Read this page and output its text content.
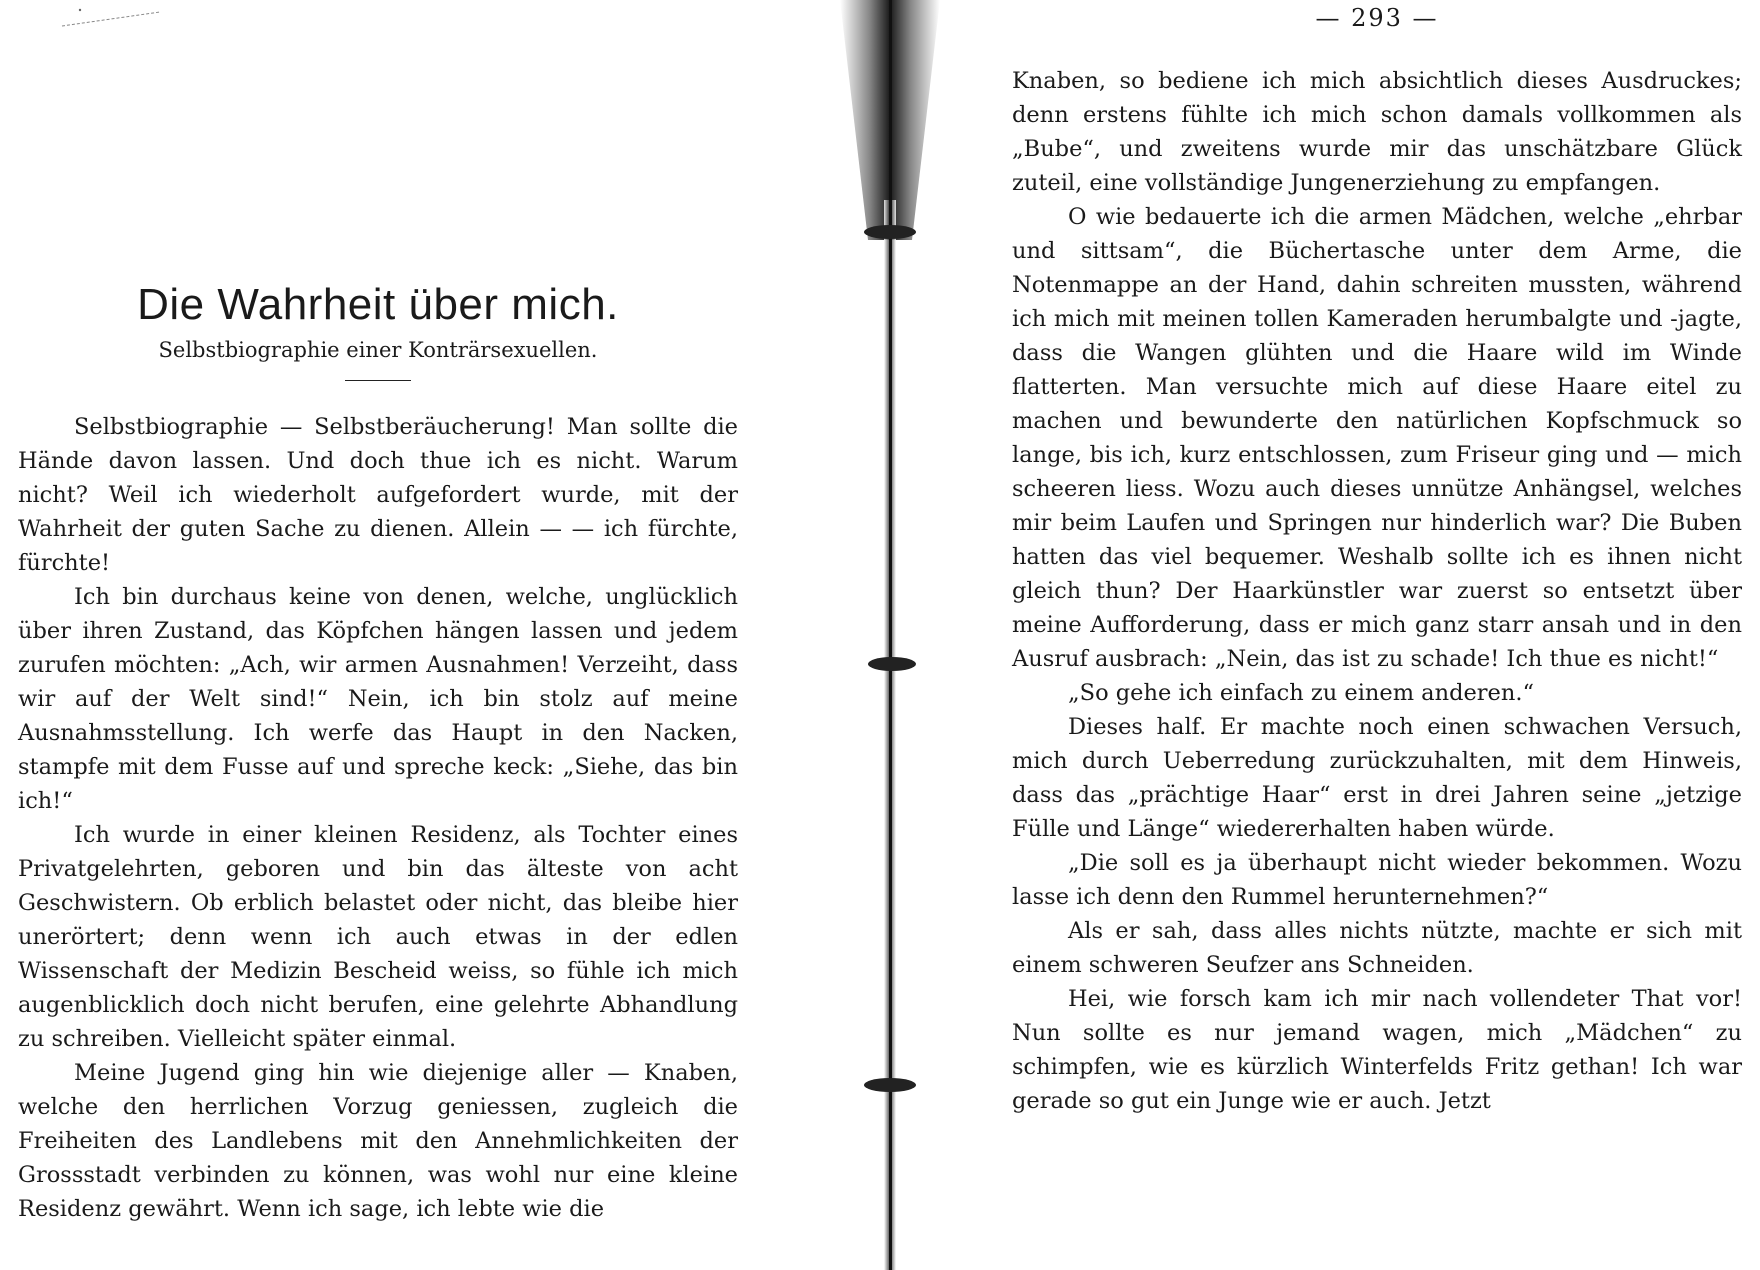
Die Wahrheit über mich.
Selbstbiographie einer Konträrsexuellen.

Selbstbiographie — Selbstberäucherung! Man sollte die Hände davon lassen. Und doch thue ich es nicht. Warum nicht? Weil ich wiederholt aufgefordert wurde, mit der Wahrheit der guten Sache zu dienen. Allein — — ich fürchte, fürchte!

Ich bin durchaus keine von denen, welche, unglücklich über ihren Zustand, das Köpfchen hängen lassen und jedem zurufen möchten: „Ach, wir armen Ausnahmen! Verzeiht, dass wir auf der Welt sind!“ Nein, ich bin stolz auf meine Ausnahmsstellung. Ich werfe das Haupt in den Nacken, stampfe mit dem Fusse auf und spreche keck: „Siehe, das bin ich!“

Ich wurde in einer kleinen Residenz, als Tochter eines Privatgelehrten, geboren und bin das älteste von acht Geschwistern. Ob erblich belastet oder nicht, das bleibe hier unerörtert; denn wenn ich auch etwas in der edlen Wissenschaft der Medizin Bescheid weiss, so fühle ich mich augenblicklich doch nicht berufen, eine gelehrte Abhandlung zu schreiben. Vielleicht später einmal.

Meine Jugend ging hin wie diejenige aller — Knaben, welche den herrlichen Vorzug geniessen, zugleich die Freiheiten des Landlebens mit den Annehmlichkeiten der Grossstadt verbinden zu können, was wohl nur eine kleine Residenz gewährt. Wenn ich sage, ich lebte wie die

— 293 —

Knaben, so bediene ich mich absichtlich dieses Ausdruckes; denn erstens fühlte ich mich schon damals vollkommen als „Bube“, und zweitens wurde mir das unschätzbare Glück zuteil, eine vollständige Jungenerziehung zu empfangen.

O wie bedauerte ich die armen Mädchen, welche „ehrbar und sittsam“, die Büchertasche unter dem Arme, die Notenmappe an der Hand, dahin schreiten mussten, während ich mich mit meinen tollen Kameraden herumbalgte und -jagte, dass die Wangen glühten und die Haare wild im Winde flatterten. Man versuchte mich auf diese Haare eitel zu machen und bewunderte den natürlichen Kopfschmuck so lange, bis ich, kurz entschlossen, zum Friseur ging und — mich scheeren liess. Wozu auch dieses unnütze Anhängsel, welches mir beim Laufen und Springen nur hinderlich war? Die Buben hatten das viel bequemer. Weshalb sollte ich es ihnen nicht gleich thun? Der Haarkünstler war zuerst so entsetzt über meine Aufforderung, dass er mich ganz starr ansah und in den Ausruf ausbrach: „Nein, das ist zu schade! Ich thue es nicht!“

„So gehe ich einfach zu einem anderen.“

Dieses half. Er machte noch einen schwachen Versuch, mich durch Ueberredung zurückzuhalten, mit dem Hinweis, dass das „prächtige Haar“ erst in drei Jahren seine „jetzige Fülle und Länge“ wiedererhalten haben würde.

„Die soll es ja überhaupt nicht wieder bekommen. Wozu lasse ich denn den Rummel herunternehmen?“

Als er sah, dass alles nichts nützte, machte er sich mit einem schweren Seufzer ans Schneiden.

Hei, wie forsch kam ich mir nach vollendeter That vor! Nun sollte es nur jemand wagen, mich „Mädchen“ zu schimpfen, wie es kürzlich Winterfelds Fritz gethan! Ich war gerade so gut ein Junge wie er auch. Jetzt
